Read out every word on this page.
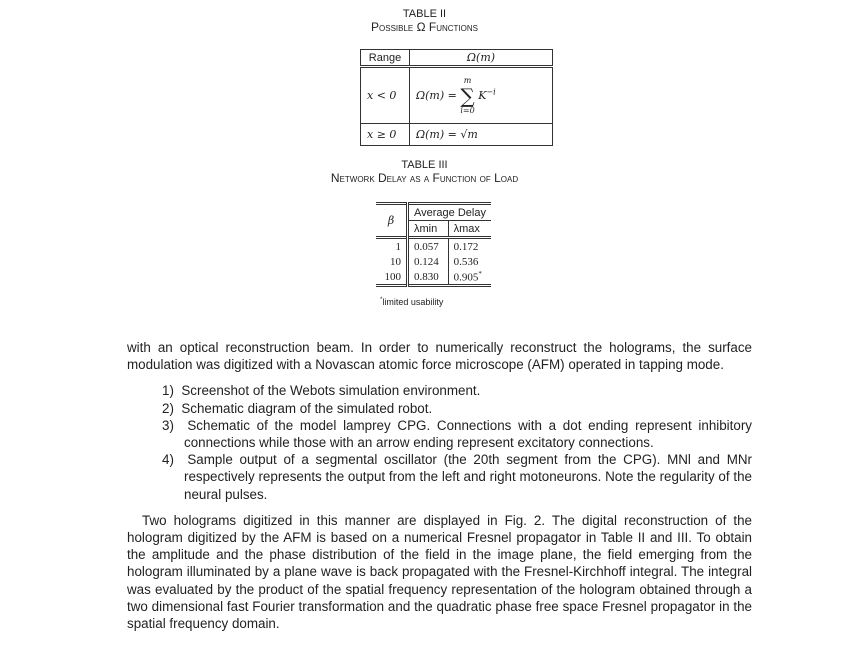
TABLE II
Possible Ω Functions
Range	Ω(m)
x < 0	Ω(m) =
m
∑
i=0
$K^{-i}$
x ≥ 0	Ω(m) = √m
TABLE III
Network Delay as a Function of Load
β	Average Delay	
	λmin	λmax
1	0.057	0.172
10	0.124	0.536
100	0.830	0.905*
*limited usability

with an optical reconstruction beam. In order to numerically reconstruct the holograms, the surface modulation was digitized with a Novascan atomic force microscope (AFM) operated in tapping mode.

1)  Screenshot of the Webots simulation environment.
2)  Schematic diagram of the simulated robot.
3)  Schematic of the model lamprey CPG. Connections with a dot ending represent inhibitory connections while those with an arrow ending represent excitatory connections.
4)  Sample output of a segmental oscillator (the 20th segment from the CPG). MNl and MNr respectively represents the output from the left and right motoneurons. Note the regularity of the neural pulses.

Two holograms digitized in this manner are displayed in Fig. 2. The digital reconstruction of the hologram digitized by the AFM is based on a numerical Fresnel propagator in Table II and III. To obtain the amplitude and the phase distribution of the field in the image plane, the field emerging from the hologram illuminated by a plane wave is back propagated with the Fresnel-Kirchhoff integral. The integral was evaluated by the product of the spatial frequency representation of the hologram obtained through a two dimensional fast Fourier transformation and the quadratic phase free space Fresnel propagator in the spatial frequency domain.
